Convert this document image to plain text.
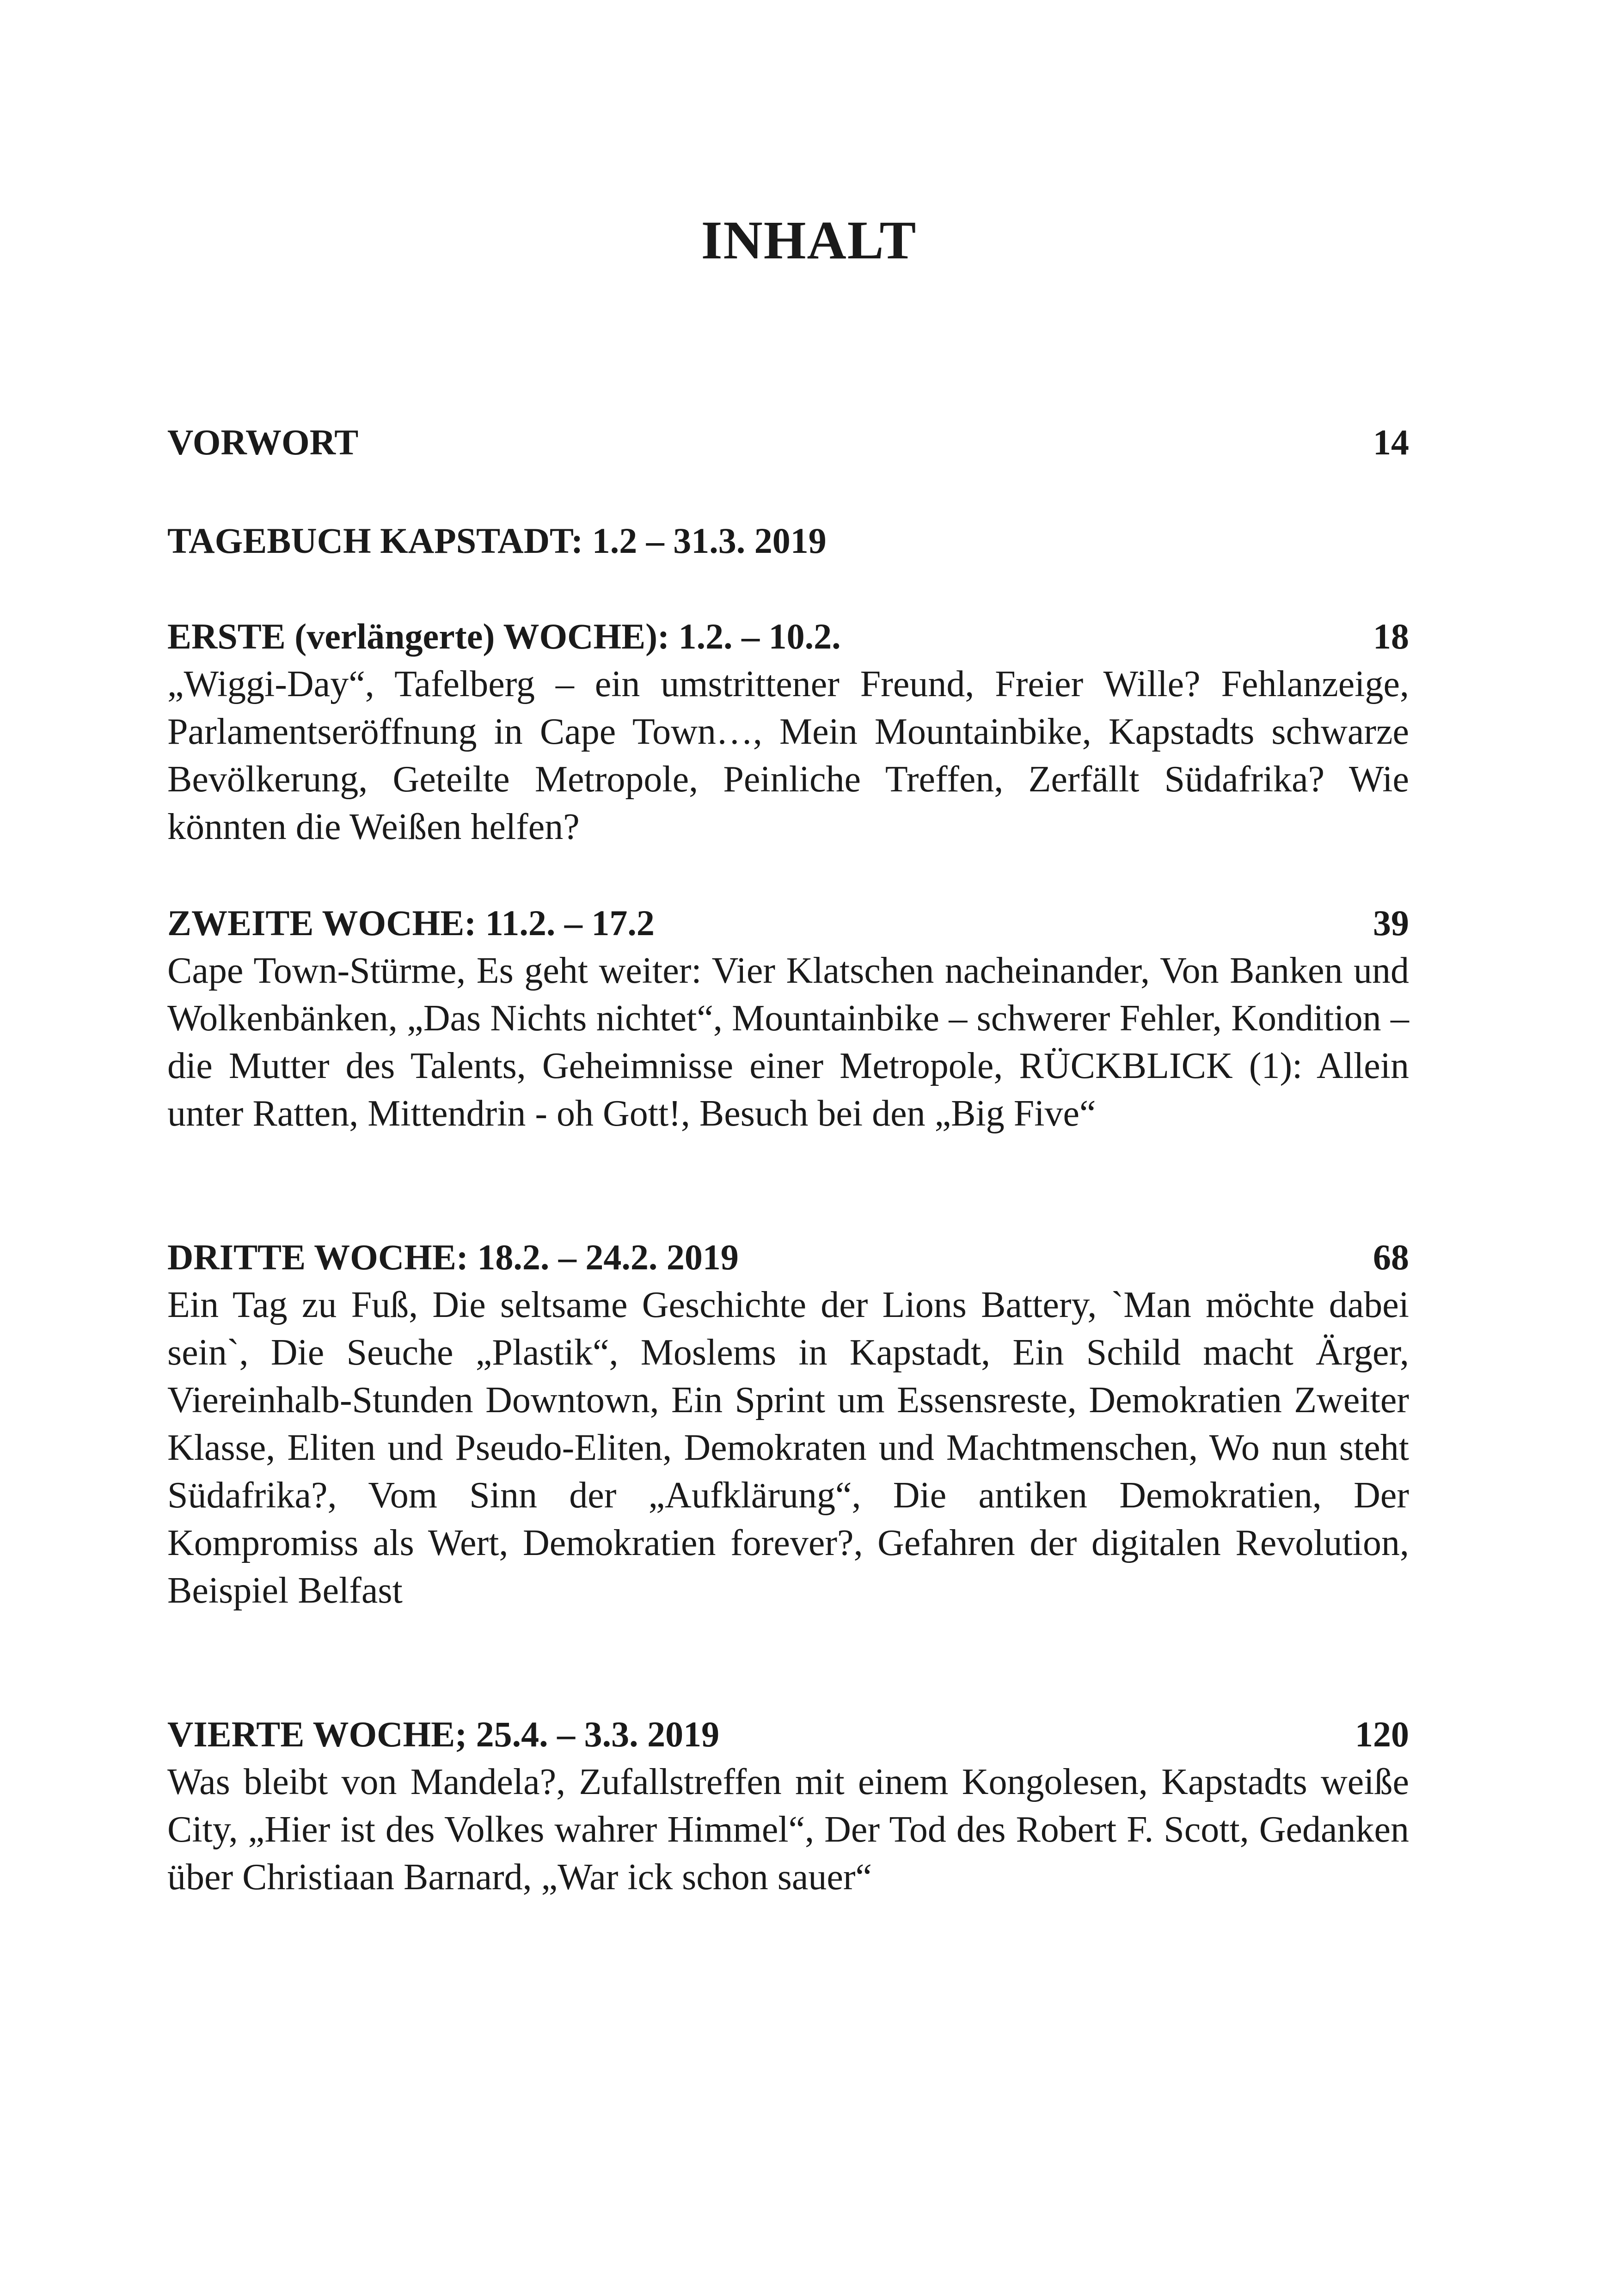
INHALT
VORWORT	14
TAGEBUCH KAPSTADT: 1.2 – 31.3. 2019
ERSTE (verlängerte) WOCHE): 1.2. – 10.2.	18

„Wiggi-Day“, Tafelberg – ein umstrittener Freund, Freier Wille? Fehlanzeige, Parlamentseröffnung in Cape Town…, Mein Mountainbike, Kapstadts schwarze Bevölkerung, Geteilte Metropole, Peinliche Treffen, Zerfällt Südafrika? Wie könnten die Weißen helfen?

ZWEITE WOCHE: 11.2. – 17.2	39

Cape Town-Stürme, Es geht weiter: Vier Klatschen nacheinander, Von Banken und Wolkenbänken, „Das Nichts nichtet“, Mountainbike – schwerer Fehler, Kondition – die Mutter des Talents, Geheimnisse einer Metropole, RÜCKBLICK (1): Allein unter Ratten, Mittendrin - oh Gott!, Besuch bei den „Big Five“

DRITTE WOCHE: 18.2. – 24.2. 2019	68

Ein Tag zu Fuß, Die seltsame Geschichte der Lions Battery, `Man möchte dabei sein`, Die Seuche „Plastik“, Moslems in Kapstadt, Ein Schild macht Ärger, Viereinhalb-Stunden Downtown, Ein Sprint um Essensreste, Demokratien Zweiter Klasse, Eliten und Pseudo-Eliten, Demokraten und Machtmenschen, Wo nun steht Südafrika?, Vom Sinn der „Aufklärung“, Die antiken Demokratien, Der Kompromiss als Wert, Demokratien forever?, Gefahren der digitalen Revolution, Beispiel Belfast

VIERTE WOCHE; 25.4. – 3.3. 2019	120

Was bleibt von Mandela?, Zufallstreffen mit einem Kongolesen, Kapstadts weiße City, „Hier ist des Volkes wahrer Himmel“, Der Tod des Robert F. Scott, Gedanken über Christiaan Barnard, „War ick schon sauer“
